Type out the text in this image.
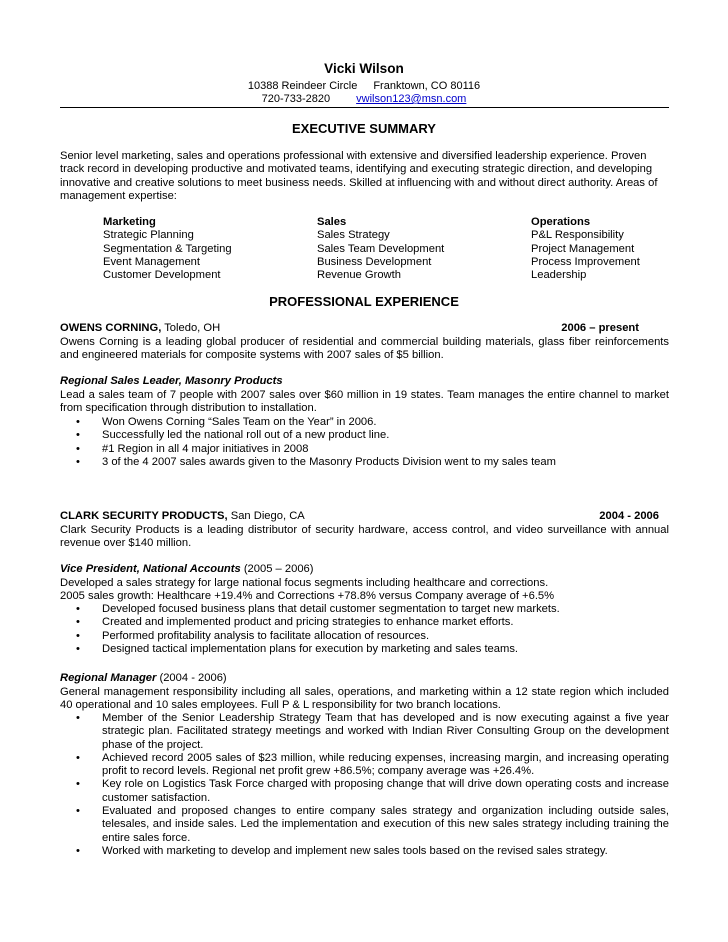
Vicki Wilson
10388 Reindeer Circle Franktown, CO 80116
720-733-2820 vwilson123@msn.com
EXECUTIVE SUMMARY
Senior level marketing, sales and operations professional with extensive and diversified leadership experience. Proven track record in developing productive and motivated teams, identifying and executing strategic direction, and developing innovative and creative solutions to meet business needs. Skilled at influencing with and without direct authority. Areas of management expertise:
Marketing
Strategic Planning
Segmentation & Targeting
Event Management
Customer Development
Sales
Sales Strategy
Sales Team Development
Business Development
Revenue Growth
Operations
P&L Responsibility
Project Management
Process Improvement
Leadership
PROFESSIONAL EXPERIENCE
OWENS CORNING, Toledo, OH	2006 – present
Owens Corning is a leading global producer of residential and commercial building materials, glass fiber reinforcements and engineered materials for composite systems with 2007 sales of $5 billion.
Regional Sales Leader, Masonry Products
Lead a sales team of 7 people with 2007 sales over $60 million in 19 states. Team manages the entire channel to market from specification through distribution to installation.
• Won Owens Corning “Sales Team on the Year” in 2006.
• Successfully led the national roll out of a new product line.
• #1 Region in all 4 major initiatives in 2008
• 3 of the 4 2007 sales awards given to the Masonry Products Division went to my sales team
CLARK SECURITY PRODUCTS, San Diego, CA	2004 - 2006
Clark Security Products is a leading distributor of security hardware, access control, and video surveillance with annual revenue over $140 million.
Vice President, National Accounts (2005 – 2006)
Developed a sales strategy for large national focus segments including healthcare and corrections.
2005 sales growth: Healthcare +19.4% and Corrections +78.8% versus Company average of +6.5%
• Developed focused business plans that detail customer segmentation to target new markets.
• Created and implemented product and pricing strategies to enhance market efforts.
• Performed profitability analysis to facilitate allocation of resources.
• Designed tactical implementation plans for execution by marketing and sales teams.
Regional Manager (2004 - 2006)
General management responsibility including all sales, operations, and marketing within a 12 state region which included 40 operational and 10 sales employees. Full P & L responsibility for two branch locations.
• Member of the Senior Leadership Strategy Team that has developed and is now executing against a five year strategic plan. Facilitated strategy meetings and worked with Indian River Consulting Group on the development phase of the project.
• Achieved record 2005 sales of $23 million, while reducing expenses, increasing margin, and increasing operating profit to record levels. Regional net profit grew +86.5%; company average was +26.4%.
• Key role on Logistics Task Force charged with proposing change that will drive down operating costs and increase customer satisfaction.
• Evaluated and proposed changes to entire company sales strategy and organization including outside sales, telesales, and inside sales. Led the implementation and execution of this new sales strategy including training the entire sales force.
• Worked with marketing to develop and implement new sales tools based on the revised sales strategy.
